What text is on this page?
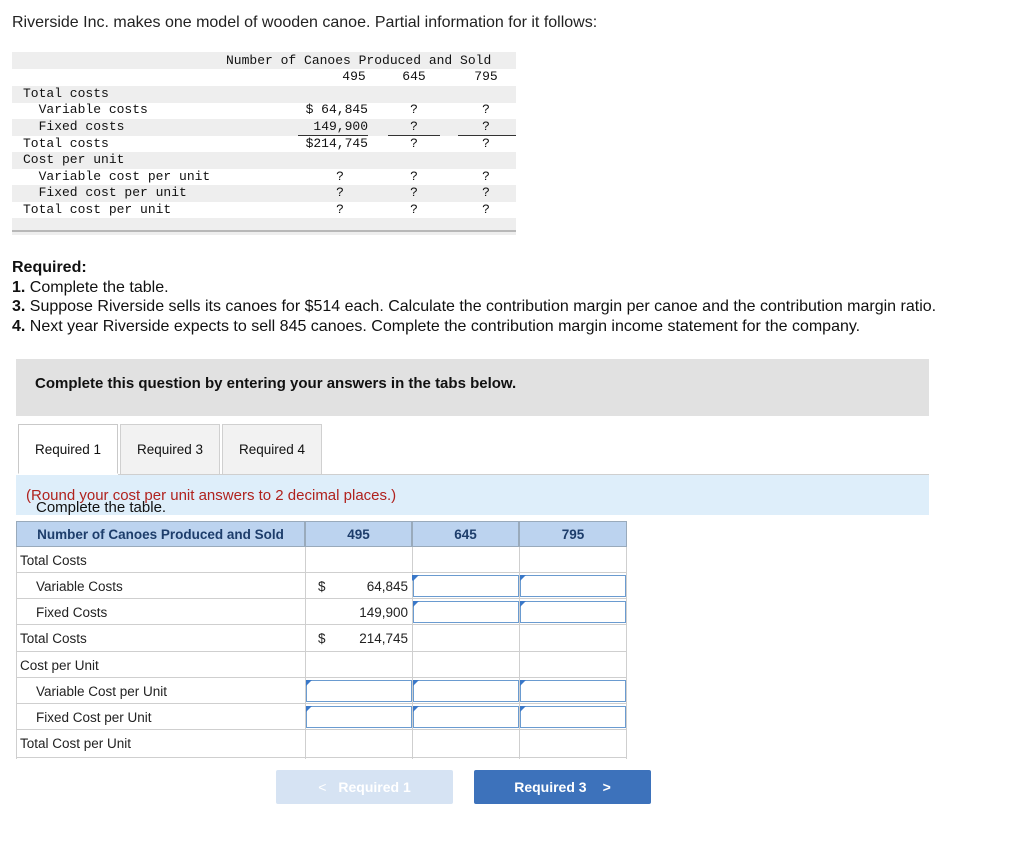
Riverside Inc. makes one model of wooden canoe. Partial information for it follows:
Number of Canoes Produced and Sold
495	645	795
Total costs
Variable costs	$ 64,845	?	?
Fixed costs	149,900	?	?
Total costs	$214,745	?	?
Cost per unit
Variable cost per unit	?	?	?
Fixed cost per unit	?	?	?
Total cost per unit	?	?	?
Required:
1. Complete the table.
3. Suppose Riverside sells its canoes for $514 each. Calculate the contribution margin per canoe and the contribution margin ratio.
4. Next year Riverside expects to sell 845 canoes. Complete the contribution margin income statement for the company.
Complete this question by entering your answers in the tabs below.
Required 1	Required 3	Required 4
Complete the table.
(Round your cost per unit answers to 2 decimal places.)
Number of Canoes Produced and Sold	495	645	795
Total Costs
Variable Costs	$	64,845
Fixed Costs	149,900
Total Costs	$	214,745
Cost per Unit
Variable Cost per Unit
Fixed Cost per Unit
Total Cost per Unit
< Required 1	Required 3 >
